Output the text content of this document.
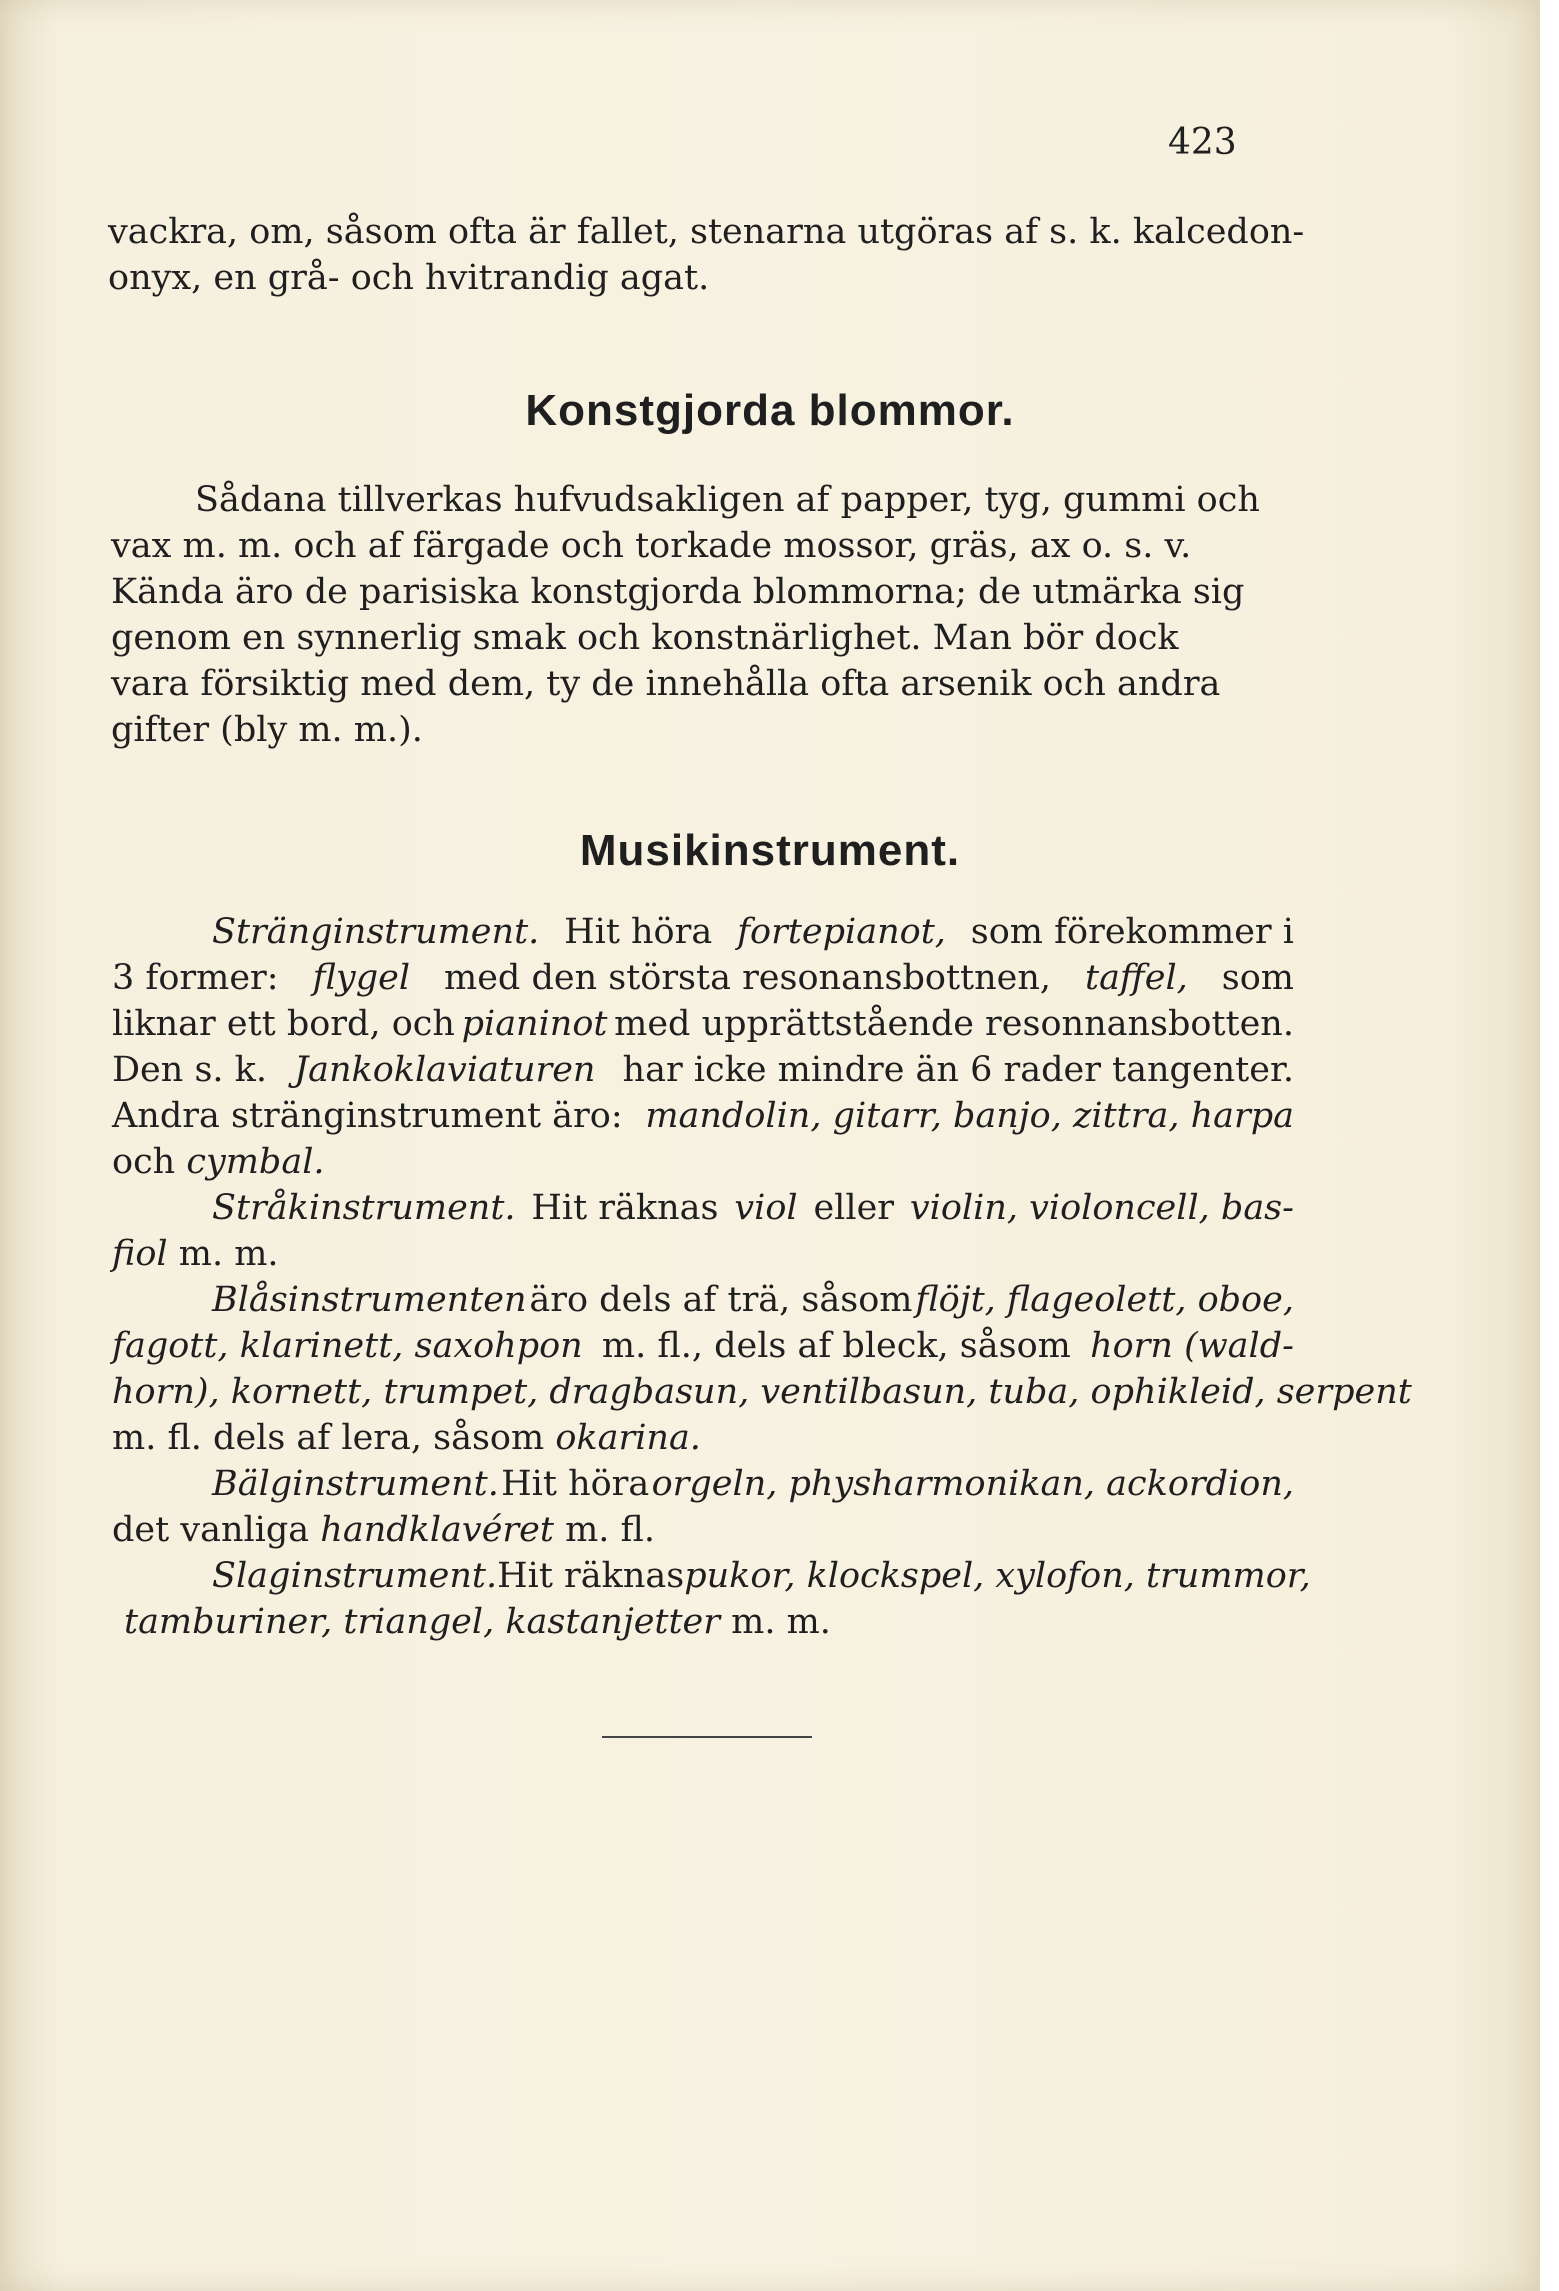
423
vackra, om, såsom ofta är fallet, stenarna utgöras af s. k. kalcedon-
onyx, en grå- och hvitrandig agat.
Konstgjorda blommor.
Sådana tillverkas hufvudsakligen af papper, tyg, gummi och
vax m. m. och af färgade och torkade mossor, gräs, ax o. s. v.
Kända äro de parisiska konstgjorda blommorna; de utmärka sig
genom en synnerlig smak och konstnärlighet. Man bör dock
vara försiktig med dem, ty de innehålla ofta arsenik och andra
gifter (bly m. m.).
Musikinstrument.
Stränginstrument. Hit höra fortepianot, som förekommer i
3 former: flygel med den största resonansbottnen, taffel, som
liknar ett bord, och pianinot med upprättstående resonnansbotten.
Den s. k. Jankoklaviaturen har icke mindre än 6 rader tangenter.
Andra stränginstrument äro: mandolin, gitarr, banjo, zittra, harpa
och cymbal.
Stråkinstrument. Hit räknas viol eller violin, violoncell, bas-
fiol m. m.
Blåsinstrumenten äro dels af trä, såsom flöjt, flageolett, oboe,
fagott, klarinett, saxohpon m. fl., dels af bleck, såsom horn (wald-
horn), kornett, trumpet, dragbasun, ventilbasun, tuba, ophikleid, serpent
m. fl. dels af lera, såsom okarina.
Bälginstrument. Hit höra orgeln, physharmonikan, ackordion,
det vanliga handklavéret m. fl.
Slaginstrument. Hit räknas pukor, klockspel, xylofon, trummor,
tamburiner, triangel, kastanjetter m. m.
